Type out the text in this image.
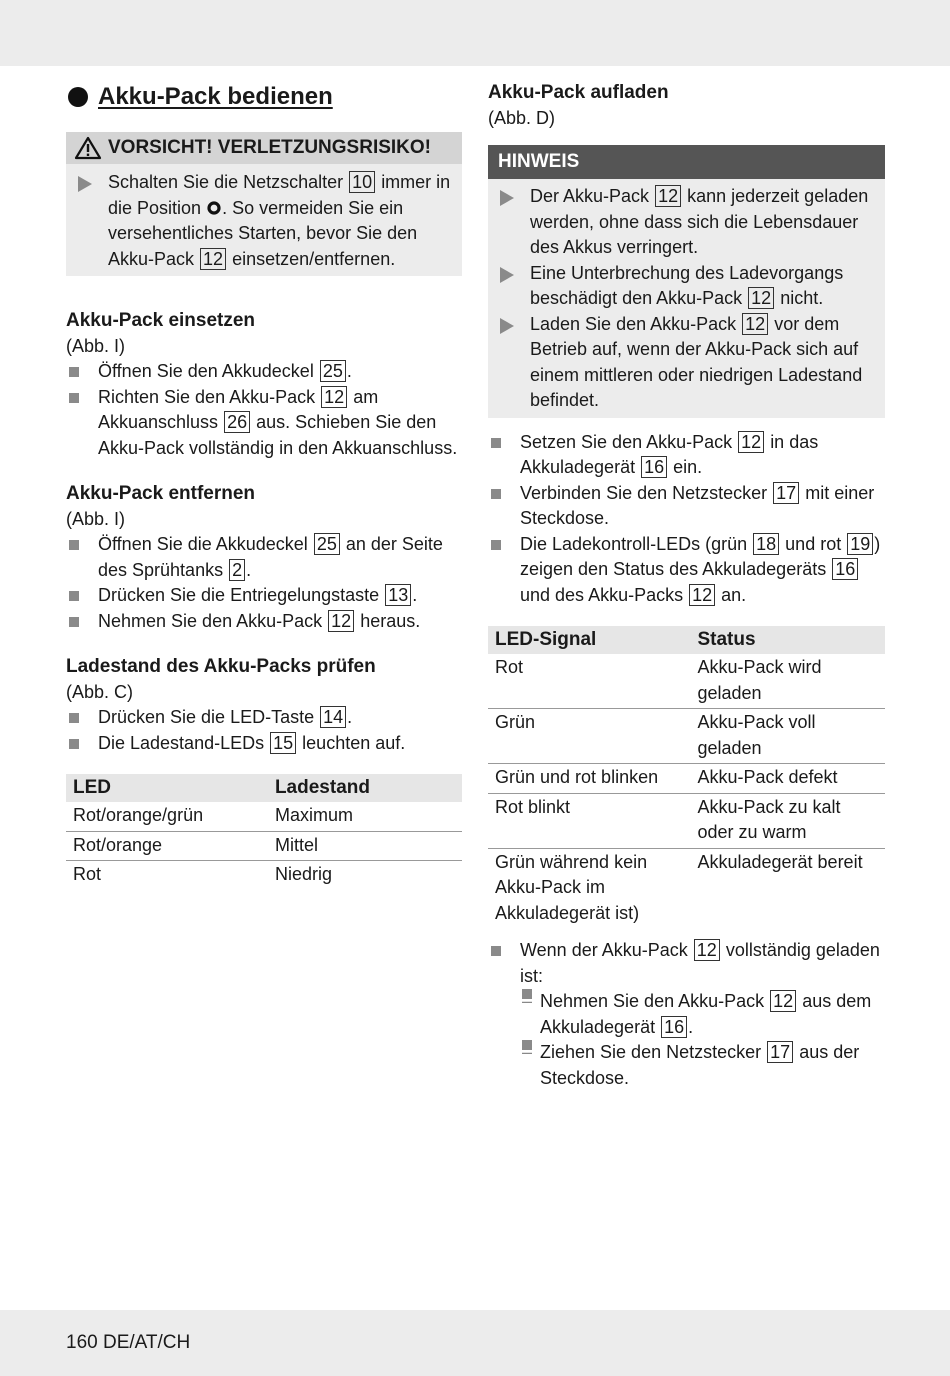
Akku-Pack bedienen
VORSICHT! VERLETZUNGSRISIKO!
Schalten Sie die Netzschalter 10 immer in die Position . So vermeiden Sie ein versehentliches Starten, bevor Sie den Akku-Pack 12 einsetzen/entfernen.
Akku-Pack einsetzen

(Abb. I)

Öffnen Sie den Akkudeckel 25 .
Richten Sie den Akku-Pack 12 am Akkuanschluss 26 aus. Schieben Sie den Akku-Pack vollständig in den Akkuanschluss.
Akku-Pack entfernen

(Abb. I)

Öffnen Sie die Akkudeckel 25 an der Seite des Sprühtanks 2 .
Drücken Sie die Entriegelungstaste 13 .
Nehmen Sie den Akku-Pack 12 heraus.
Ladestand des Akku-Packs prüfen

(Abb. C)

Drücken Sie die LED-Taste 14 .
Die Ladestand-LEDs 15 leuchten auf.
LED	Ladestand
Rot/orange/grün	Maximum
Rot/orange	Mittel
Rot	Niedrig
Akku-Pack aufladen

(Abb. D)

HINWEIS
Der Akku-Pack 12 kann jederzeit geladen werden, ohne dass sich die Lebensdauer des Akkus verringert.
Eine Unterbrechung des Ladevorgangs beschädigt den Akku-Pack 12 nicht.
Laden Sie den Akku-Pack 12 vor dem Betrieb auf, wenn der Akku-Pack sich auf einem mittleren oder niedrigen Ladestand befindet.
Setzen Sie den Akku-Pack 12 in das Akkuladegerät 16 ein.
Verbinden Sie den Netzstecker 17 mit einer Steckdose.
Die Ladekontroll-LEDs (grün 18 und rot 19 ) zeigen den Status des Akkuladegeräts 16 und des Akku-Packs 12 an.
LED-Signal	Status
Rot	Akku-Pack wird geladen
Grün	Akku-Pack voll geladen
Grün und rot blinken	Akku-Pack defekt
Rot blinkt	Akku-Pack zu kalt oder zu warm
Grün während kein Akku-Pack im Akkuladegerät ist)	Akkuladegerät bereit
Wenn der Akku-Pack 12 vollständig geladen ist:
– Nehmen Sie den Akku-Pack 12 aus dem Akkuladegerät 16 .
– Ziehen Sie den Netzstecker 17 aus der Steckdose.
160 DE/AT/CH
